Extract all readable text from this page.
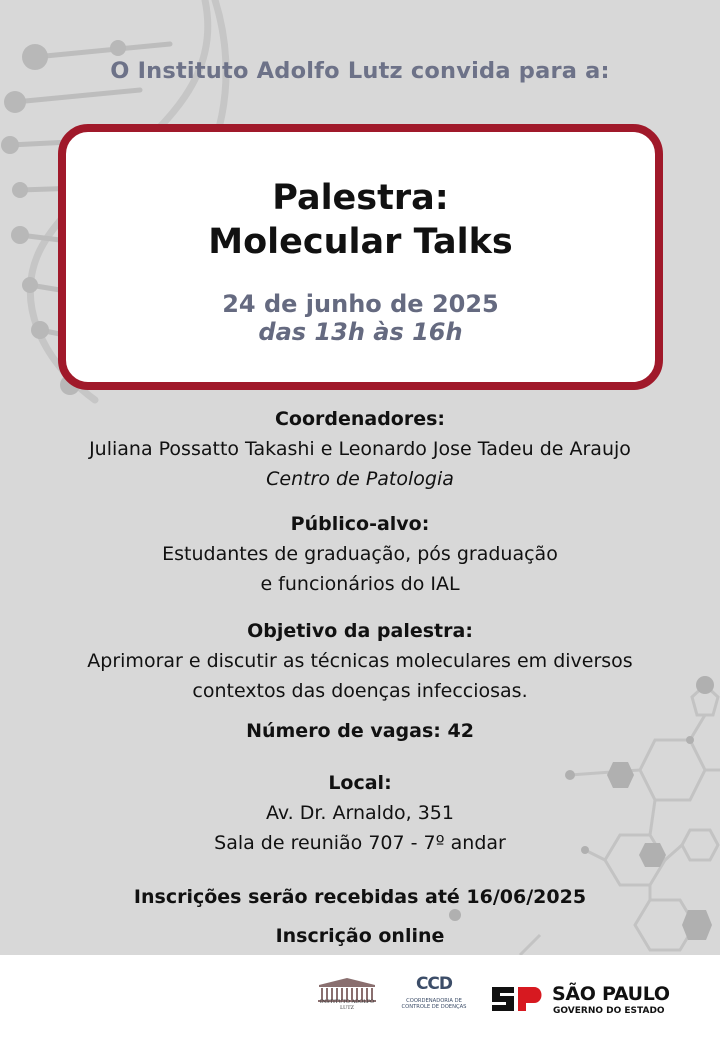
O Instituto Adolfo Lutz convida para a:
Palestra:
Molecular Talks
24 de junho de 2025
das 13h às 16h
Coordenadores:
Juliana Possatto Takashi e Leonardo Jose Tadeu de Araujo
Centro de Patologia
Público-alvo:
Estudantes de graduação, pós graduação
e funcionários do IAL
Objetivo da palestra:
Aprimorar e discutir as técnicas moleculares em diversos
contextos das doenças infecciosas.
Número de vagas: 42
Local:
Av. Dr. Arnaldo, 351
Sala de reunião 707 - 7º andar
Inscrições serão recebidas até 16/06/2025
Inscrição online
INSTITUTO ADOLFO LUTZ
CCD
COORDENADORIA DE
CONTROLE DE DOENÇAS
SÃO PAULO
GOVERNO DO ESTADO
